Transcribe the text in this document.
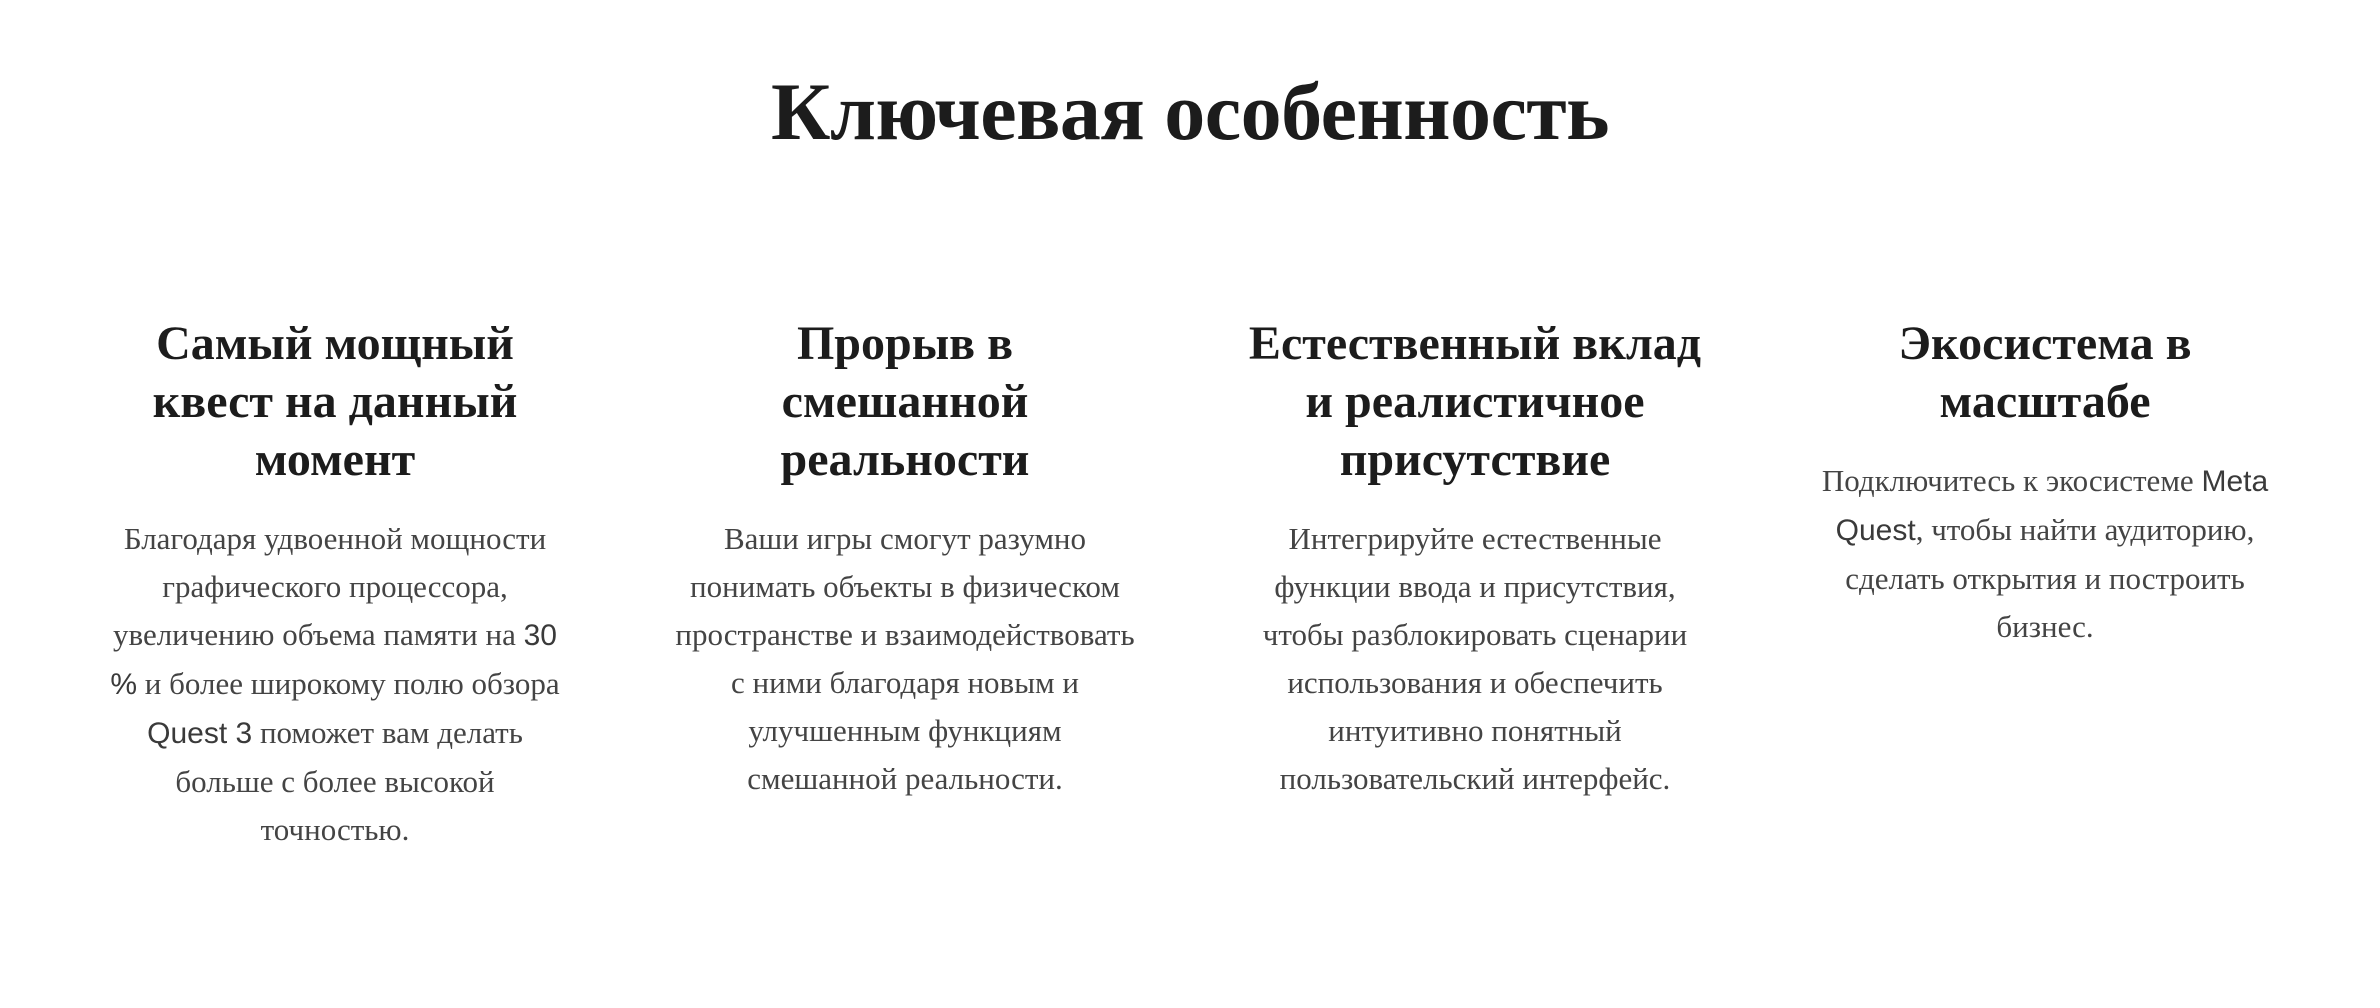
Ключевая особенность
Самый мощный квест на данный момент

Благодаря удвоенной мощности графического процессора, увеличению объема памяти на 30 % и более широкому полю обзора Quest 3 поможет вам делать больше с более высокой точностью.

Прорыв в смешанной реальности

Ваши игры смогут разумно понимать объекты в физическом пространстве и взаимодействовать с ними благодаря новым и улучшенным функциям смешанной реальности.

Естественный вклад и реалистичное присутствие

Интегрируйте естественные функции ввода и присутствия, чтобы разблокировать сценарии использования и обеспечить интуитивно понятный пользовательский интерфейс.

Экосистема в масштабе

Подключитесь к экосистеме Meta Quest, чтобы найти аудиторию, сделать открытия и построить бизнес.
